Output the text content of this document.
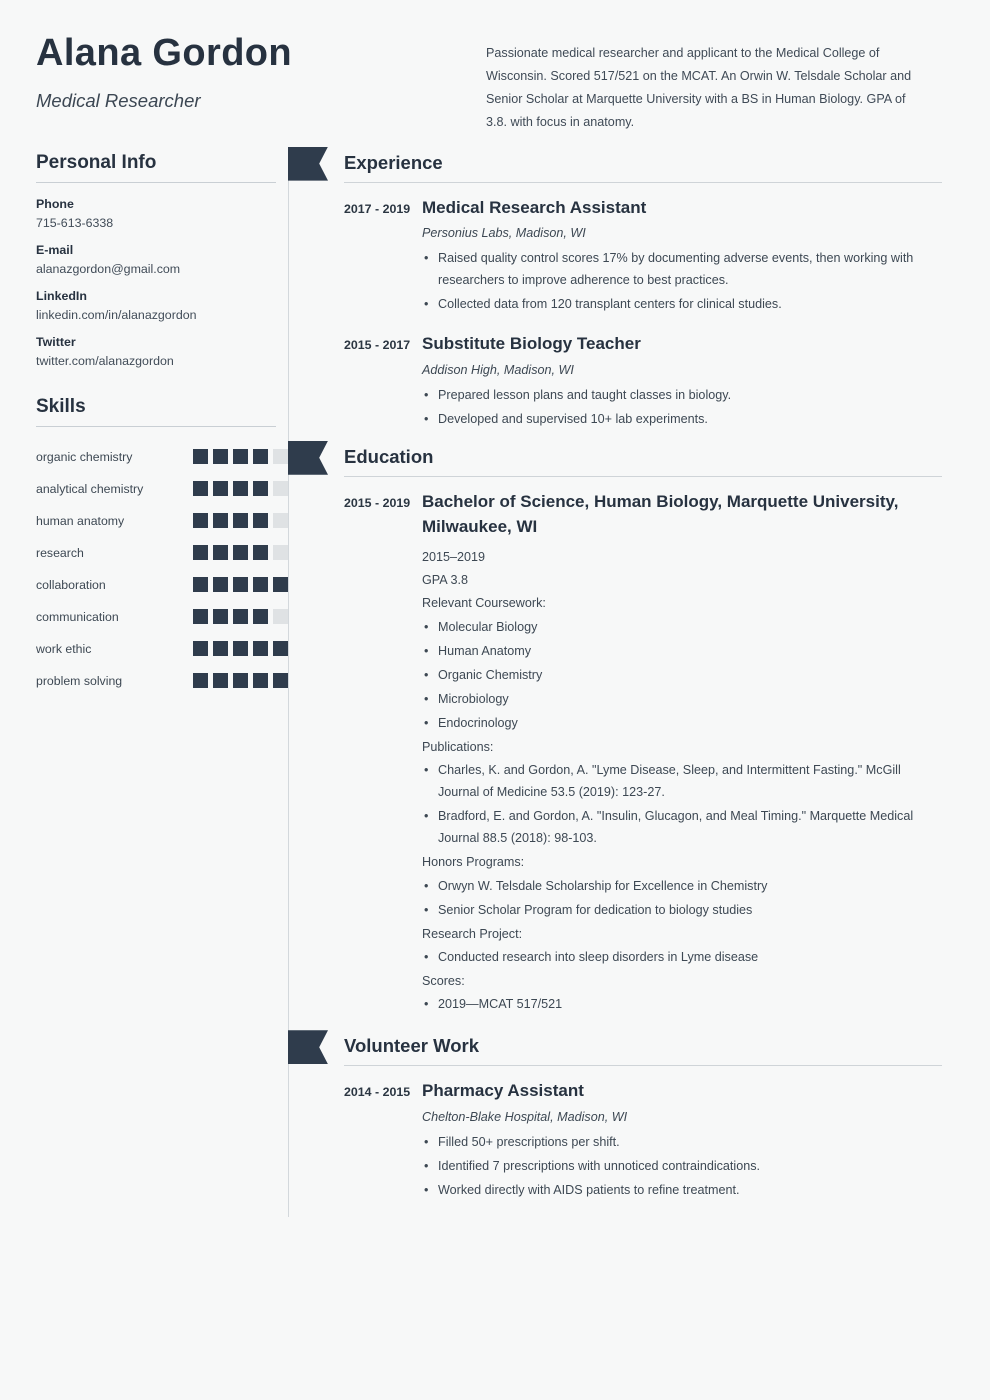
Alana Gordon
Medical Researcher
Passionate medical researcher and applicant to the Medical College of Wisconsin. Scored 517/521 on the MCAT. An Orwin W. Telsdale Scholar and Senior Scholar at Marquette University with a BS in Human Biology. GPA of 3.8. with focus in anatomy.
Personal Info
Phone
715-613-6338
E-mail
alanazgordon@gmail.com
LinkedIn
linkedin.com/in/alanazgordon
Twitter
twitter.com/alanazgordon
Skills
organic chemistry
analytical chemistry
human anatomy
research
collaboration
communication
work ethic
problem solving
Experience
2017 - 2019 Medical Research Assistant
Personius Labs, Madison, WI
• Raised quality control scores 17% by documenting adverse events, then working with researchers to improve adherence to best practices.
• Collected data from 120 transplant centers for clinical studies.
2015 - 2017 Substitute Biology Teacher
Addison High, Madison, WI
• Prepared lesson plans and taught classes in biology.
• Developed and supervised 10+ lab experiments.
Education
2015 - 2019 Bachelor of Science, Human Biology, Marquette University, Milwaukee, WI
2015–2019
GPA 3.8
Relevant Coursework:
• Molecular Biology
• Human Anatomy
• Organic Chemistry
• Microbiology
• Endocrinology
Publications:
• Charles, K. and Gordon, A. "Lyme Disease, Sleep, and Intermittent Fasting." McGill Journal of Medicine 53.5 (2019): 123-27.
• Bradford, E. and Gordon, A. "Insulin, Glucagon, and Meal Timing." Marquette Medical Journal 88.5 (2018): 98-103.
Honors Programs:
• Orwyn W. Telsdale Scholarship for Excellence in Chemistry
• Senior Scholar Program for dedication to biology studies
Research Project:
• Conducted research into sleep disorders in Lyme disease
Scores:
• 2019—MCAT 517/521
Volunteer Work
2014 - 2015 Pharmacy Assistant
Chelton-Blake Hospital, Madison, WI
• Filled 50+ prescriptions per shift.
• Identified 7 prescriptions with unnoticed contraindications.
• Worked directly with AIDS patients to refine treatment.
